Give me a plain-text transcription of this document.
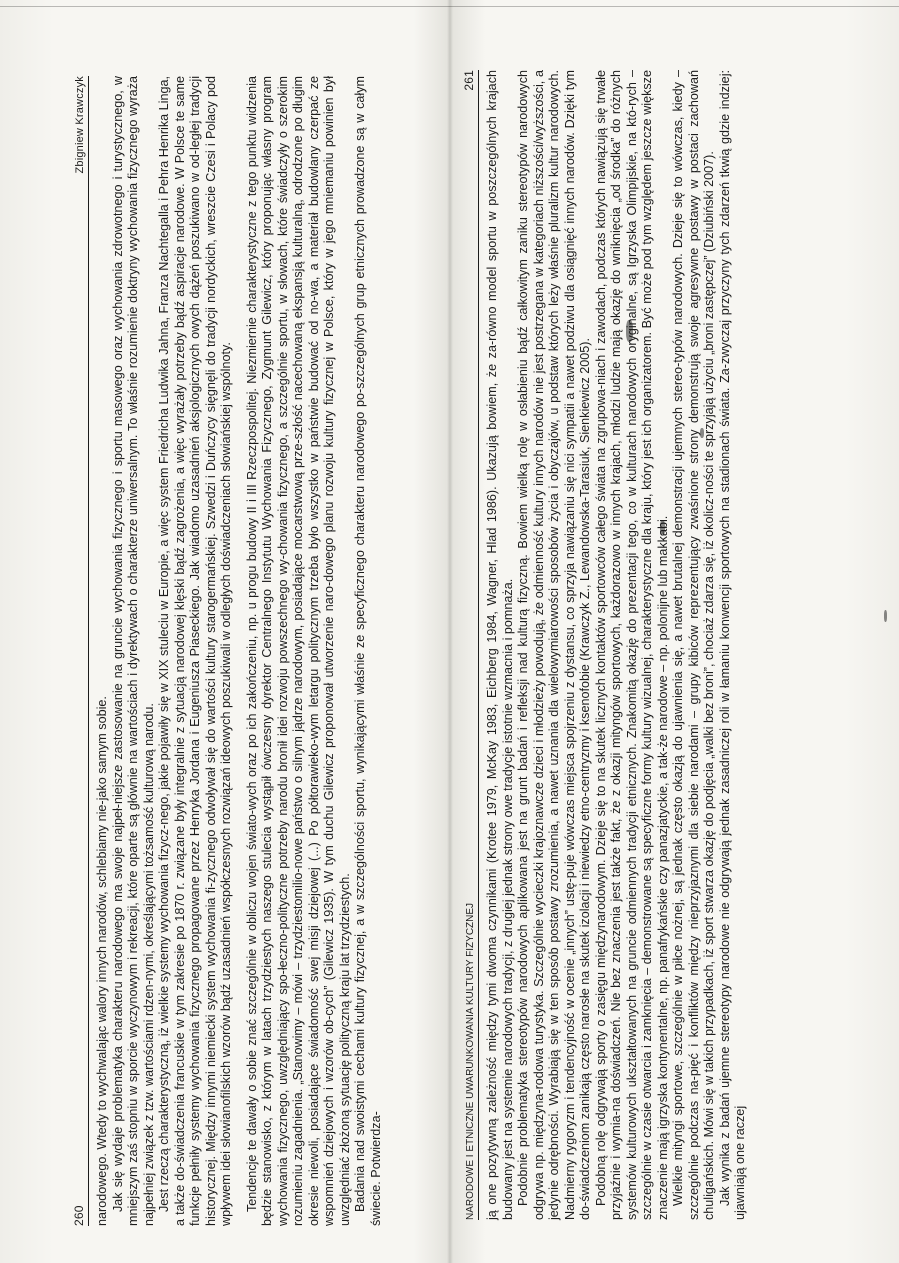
260
Zbigniew Krawczyk

narodowego. Wtedy to wychwalając walory innych narodów, schlebiamy nie-jako samym sobie. Jak się wydaje problematyka charakteru narodowego ma swoje najpeł-niejsze zastosowanie na gruncie wychowania fizycznego i sportu masowego oraz wychowania zdrowotnego i turystycznego, w mniejszym zaś stopniu w sporcie wyczynowym i rekreacji, które oparte są głównie na wartościach i dyrektywach o charakterze uniwersalnym. To właśnie rozumienie doktryny wychowania fizycznego wyraża najpełniej związek z tzw. wartościami rdzen-nymi, określającymi tożsamość kulturową narodu. Jest rzeczą charakterystyczną, iż wielkie systemy wychowania fizycz-nego, jakie pojawiły się w XIX stuleciu w Europie, a więc system Friedricha Ludwika Jahna, Franza Nachtegalla i Pehra Henrika Linga, a także do-świadczenia francuskie w tym zakresie po 1870 r. związane były integralnie z sytuacją narodowej klęski bądź zagrożenia, a więc wyrażały potrzeby bądź aspiracje narodowe. W Polsce te same funkcje pełniły systemy wychowania fizycznego propagowane przez Henryka Jordana i Eugeniusza Piaseckiego. Jak wiadomo uzasadnień aksjologicznych owych dążeń poszukiwano w od-ległej tradycji historycznej. Między innymi niemiecki system wychowania fi-zycznego odwoływał się do wartości kultury starogermańskiej. Szwedzi i Duńczycy sięgnęli do tradycji nordyckich, wreszcie Czesi i Polacy pod wpływem idei słowianofilskich wzorów bądź uzasadnień współczesnych rozwiązań ideowych poszukiwali w odległych doświadczeniach słowiańskiej wspólnoty. Tendencje te dawały o sobie znać szczególnie w obliczu wojen świato-wych oraz po ich zakończeniu, np. u progu budowy II i III Rzeczpospolitej. Niezmiernie charakterystyczne z tego punktu widzenia będzie stanowisko, z którym w latach trzydziestych naszego stulecia wystąpił ówczesny dyrektor Centralnego Instytutu Wychowania Fizycznego, Zygmunt Gilewicz, który proponując własny program wychowania fizycznego, uwzględniający spo-łeczno-polityczne potrzeby narodu bronił idei rozwoju powszechnego wy-chowania fizycznego, a szczególnie sportu, w słowach, które świadczyły o szerokim rozumieniu zagadnienia. „Stanowimy – mówi – trzydziestomilio-nowe państwo o silnym jądrze narodowym, posiadające mocarstwową prze-szłość nacechowaną ekspansją kulturalną, odrodzone po długim okresie niewoli, posiadające świadomość swej misji dziejowej (...) Po półtorawieko-wym letargu politycznym trzeba było wszystko w państwie budować od no-wa, a materiał budowlany czerpać ze wspomnień dziejowych i wzorów ob-cych” (Gilewicz 1935). W tym duchu Gilewicz proponował utworzenie naro-dowego planu rozwoju kultury fizycznej w Polsce, który w jego mniemaniu powinien był uwzględniać złożoną sytuację polityczną kraju lat trzydziestych. Badania nad swoistymi cechami kultury fizycznej, a w szczególności sportu, wynikającymi właśnie ze specyficznego charakteru narodowego po-szczególnych grup etnicznych prowadzone są w całym świecie. Potwierdza-	NARODOWE I ETNICZNE UWARUNKOWANIA KULTURY FIZYCZNEJ
261 ją one pozytywną zależność między tymi dwoma czynnikami (Krotee 1979, McKay 1983, Eichberg 1984, Wagner, Hlad 1986). Ukazują bowiem, że za-równo model sportu w poszczególnych krajach budowany jest na systemie narodowych tradycji, z drugiej jednak strony owe tradycje istotnie wzmacnia i pomnaża. Podobnie problematyka stereotypów narodowych aplikowana jest na grunt badań i refleksji nad kulturą fizyczną. Bowiem wielką rolę w osłabieniu bądź całkowitym zaniku stereotypów narodowych odgrywa np. międzyna-rodowa turystyka. Szczególnie wycieczki krajoznawcze dzieci i młodzieży powodują, że odmienność kultury innych narodów nie jest postrzegana w kategoriach niższości/wyższości, a jedynie odrębności. Wyrabiają się w ten sposób postawy zrozumienia, a nawet uznania dla wielowymiarowości sposobów życia i obyczajów, u podstaw których leży właśnie pluralizm kultur narodowych. Nadmierny rygoryzm i tendencyjność w ocenie „innych” ustę-puje wówczas miejsca spojrzeniu z dystansu, co sprzyja nawiązaniu się nici sympatii a nawet podziwu dla osiągnięć innych narodów. Dzięki tym do-świadczeniom zanikają często narosłe na skutek izolacji i niewiedzy etno-centryzmy i ksenofobie (Krawczyk Z., Lewandowska-Tarasiuk, Sienkiewicz 2005). Podobną rolę odgrywają sporty o zasięgu międzynarodowym. Dzieje się to na skutek licznych kontaktów sportowców całego świata na zgrupowa-niach i zawodach, podczas których nawiązują się trwałe przyjaźnie i wymia-na doświadczeń. Nie bez znaczenia jest także fakt, że z okazji mityngów sportowych, każdorazowo w innych krajach, młodzi ludzie mają okazję do wniknięcia „od środka” do różnych systemów kulturowych ukształtowanych na gruncie odmiennych tradycji etnicznych. Znakomitą okazję do prezentacji tego, co w kulturach narodowych oryginalne, są Igrzyska Olimpijskie, na któ-rych – szczególnie w czasie otwarcia i zamknięcia – demonstrowane są specyficzne formy kultury wizualnej, charakterystyczne dla kraju, który jest ich organizatorem. Być może pod tym względem jeszcze większe znaczenie mają igrzyska kontynentalne, np. panafrykańskie czy panazjatyckie, a tak-że narodowe – np. polonijne lub makkabi. Wielkie mityngi sportowe, szczególnie w piłce nożnej, są jednak często okazją do ujawnienia się, a nawet brutalnej demonstracji ujemnych stereo-typów narodowych. Dzieje się to wówczas, kiedy – szczególnie podczas na-pięć i konfliktów między nieprzyjaznymi dla siebie narodami – grupy kibiców reprezentujący zwaśnione strony demonstrują swoje agresywne postawy w postaci zachowań chuligańskich. Mówi się w takich przypadkach, iż sport stwarza okazję do podjęcia „walki bez broni”, chociaż zdarza się, iż okolicz-ności te sprzyjają użyciu „broni zastępczej” (Dziubiński 2007). Jak wynika z badań ujemne stereotypy narodowe nie odgrywają jednak zasadniczej roli w łamaniu konwencji sportowych na stadionach świata. Za-zwyczaj przyczyny tych zdarzeń tkwią gdzie indziej: ujawniają one raczej
